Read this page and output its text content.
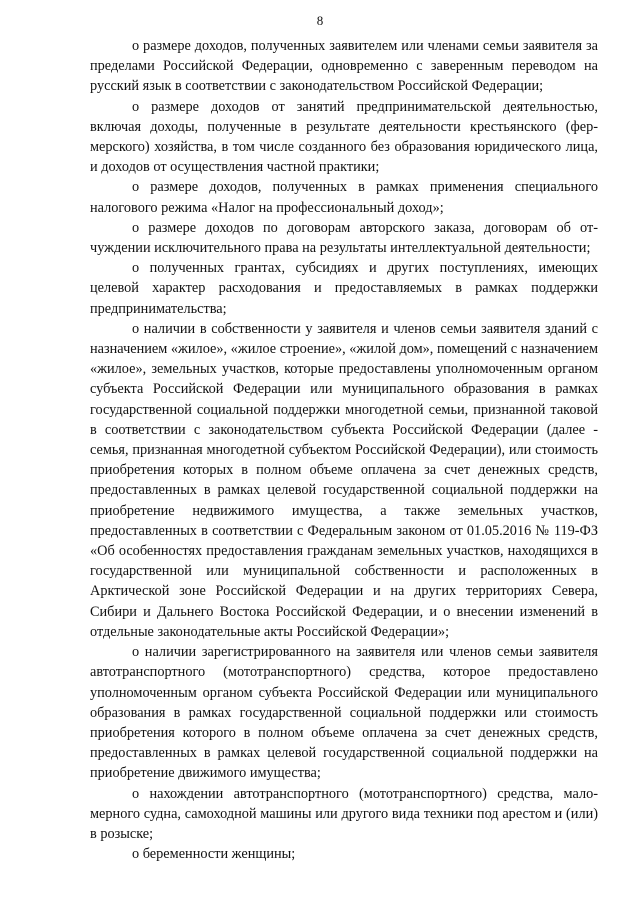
8

о размере доходов, полученных заявителем или членами семьи заявителя за пределами Российской Федерации, одновременно с заверенным переводом на русский язык в соответствии с законодательством Российской Федерации;

о размере доходов от занятий предпринимательской деятельностью, включая доходы, полученные в результате деятельности крестьянского (фермерского) хозяйства, в том числе созданного без образования юридического лица, и доходов от осуществления частной практики;

о размере доходов, полученных в рамках применения специального налогового режима «Налог на профессиональный доход»;

о размере доходов по договорам авторского заказа, договорам об отчуждении исключительного права на результаты интеллектуальной деятельности;

о полученных грантах, субсидиях и других поступлениях, имеющих целевой характер расходования и предоставляемых в рамках поддержки предпринимательства;

о наличии в собственности у заявителя и членов семьи заявителя зданий с назначением «жилое», «жилое строение», «жилой дом», помещений с назначением «жилое», земельных участков, которые предоставлены уполномоченным органом субъекта Российской Федерации или муниципального образования в рамках государственной социальной поддержки многодетной семьи, признанной таковой в соответствии с законодательством субъекта Российской Федерации (далее - семья, признанная многодетной субъектом Российской Федерации), или стоимость приобретения которых в полном объеме оплачена за счет денежных средств, предоставленных в рамках целевой государственной социальной поддержки на приобретение недвижимого имущества, а также земельных участков, предоставленных в соответствии с Федеральным законом от 01.05.2016 № 119-ФЗ «Об особенностях предоставления гражданам земельных участков, находящихся в государственной или муниципальной собственности и расположенных в Арктической зоне Российской Федерации и на других территориях Севера, Сибири и Дальнего Востока Российской Федерации, и о внесении изменений в отдельные законодательные акты Российской Федерации»;

о наличии зарегистрированного на заявителя или членов семьи заявителя автотранспортного (мототранспортного) средства, которое предоставлено уполномоченным органом субъекта Российской Федерации или муниципального образования в рамках государственной социальной поддержки или стоимость приобретения которого в полном объеме оплачена за счет денежных средств, предоставленных в рамках целевой государственной социальной поддержки на приобретение движимого имущества;

о нахождении автотранспортного (мототранспортного) средства, маломерного судна, самоходной машины или другого вида техники под арестом и (или) в розыске;

о беременности женщины;
